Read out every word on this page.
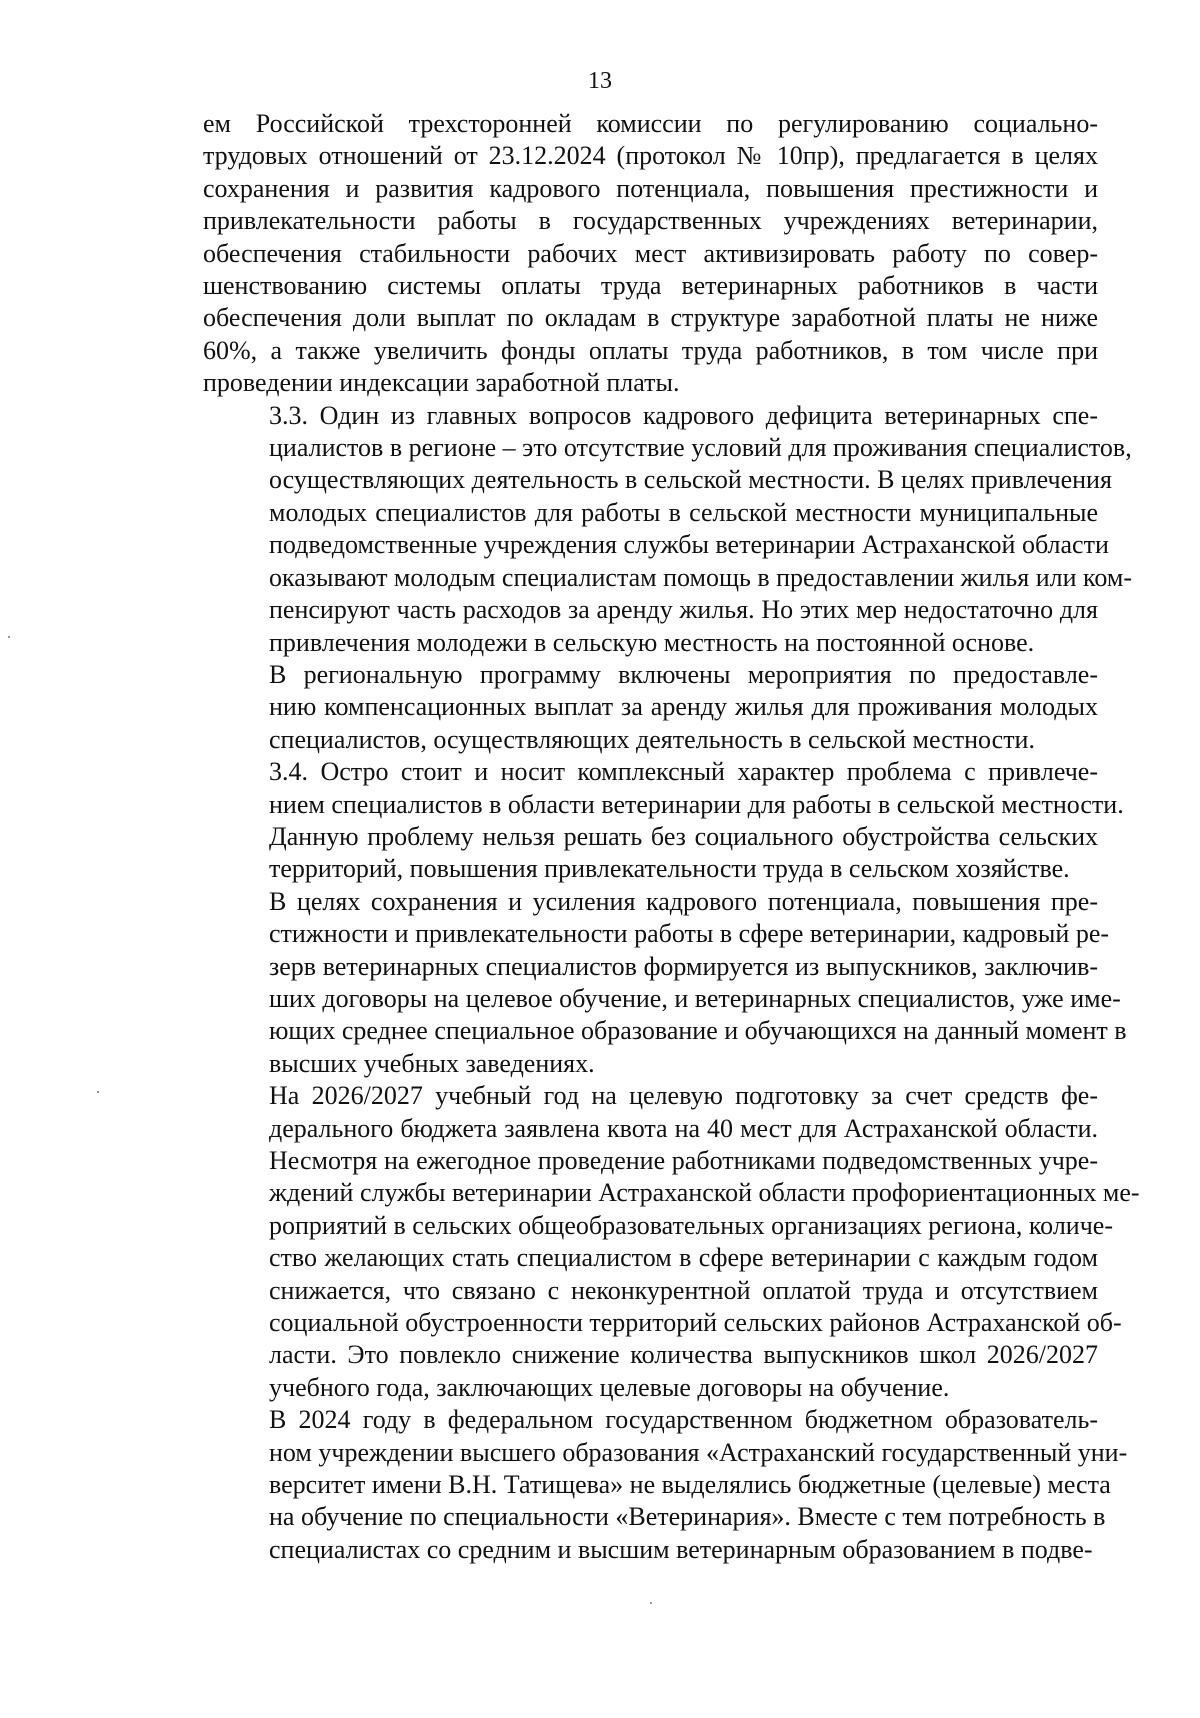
13

ем Российской трехсторонней комиссии по регулированию социально-
трудовых отношений от 23.12.2024 (протокол № 10пр), предлагается в целях
сохранения и развития кадрового потенциала, повышения престижности и
привлекательности работы в государственных учреждениях ветеринарии,
обеспечения стабильности рабочих мест активизировать работу по совер-
шенствованию системы оплаты труда ветеринарных работников в части
обеспечения доли выплат по окладам в структуре заработной платы не ниже
60%, а также увеличить фонды оплаты труда работников, в том числе при
проведении индексации заработной платы.

3.3. Один из главных вопросов кадрового дефицита ветеринарных спе-
циалистов в регионе – это отсутствие условий для проживания специалистов,
осуществляющих деятельность в сельской местности. В целях привлечения
молодых специалистов для работы в сельской местности муниципальные
подведомственные учреждения службы ветеринарии Астраханской области
оказывают молодым специалистам помощь в предоставлении жилья или ком-
пенсируют часть расходов за аренду жилья. Но этих мер недостаточно для
привлечения молодежи в сельскую местность на постоянной основе.

В региональную программу включены мероприятия по предоставле-
нию компенсационных выплат за аренду жилья для проживания молодых
специалистов, осуществляющих деятельность в сельской местности.

3.4. Остро стоит и носит комплексный характер проблема с привлече-
нием специалистов в области ветеринарии для работы в сельской местности.
Данную проблему нельзя решать без социального обустройства сельских
территорий, повышения привлекательности труда в сельском хозяйстве.

В целях сохранения и усиления кадрового потенциала, повышения пре-
стижности и привлекательности работы в сфере ветеринарии, кадровый ре-
зерв ветеринарных специалистов формируется из выпускников, заключив-
ших договоры на целевое обучение, и ветеринарных специалистов, уже име-
ющих среднее специальное образование и обучающихся на данный момент в
высших учебных заведениях.

На 2026/2027 учебный год на целевую подготовку за счет средств фе-
дерального бюджета заявлена квота на 40 мест для Астраханской области.
Несмотря на ежегодное проведение работниками подведомственных учре-
ждений службы ветеринарии Астраханской области профориентационных ме-
роприятий в сельских общеобразовательных организациях региона, количе-
ство желающих стать специалистом в сфере ветеринарии с каждым годом
снижается, что связано с неконкурентной оплатой труда и отсутствием
социальной обустроенности территорий сельских районов Астраханской об-
ласти. Это повлекло снижение количества выпускников школ 2026/2027
учебного года, заключающих целевые договоры на обучение.

В 2024 году в федеральном государственном бюджетном образователь-
ном учреждении высшего образования «Астраханский государственный уни-
верситет имени В.Н. Татищева» не выделялись бюджетные (целевые) места
на обучение по специальности «Ветеринария». Вместе с тем потребность в
специалистах со средним и высшим ветеринарным образованием в подве-
